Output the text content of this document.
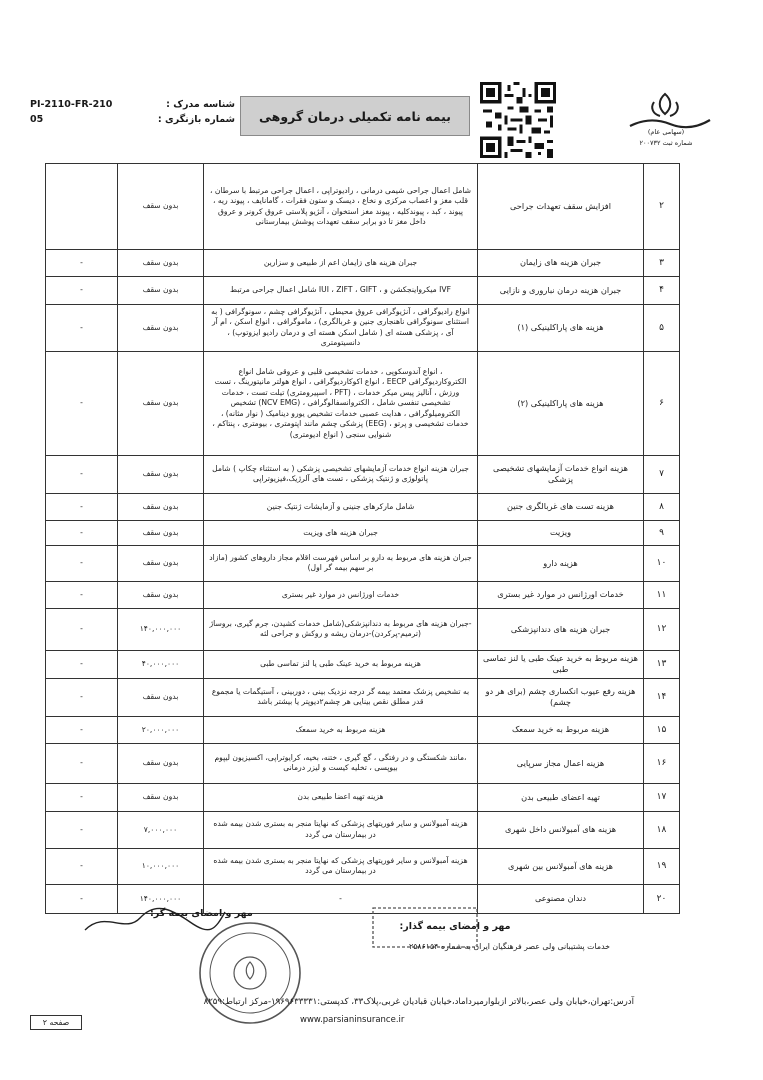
(سهامی عام)
شماره ثبت ۲۰۰۷۳۲
بیمه نامه تکمیلی درمان گروهی
PI-2110-FR-210	شناسه مدرک :
05	شماره بازنگری :
۲	افزایش سقف تعهدات جراحی	شامل اعمال جراحی شیمی درمانی ، رادیوتراپی ، اعمال جراحی مرتبط با سرطان ، قلب مغز و اعصاب مرکزی و نخاع ، دیسک و ستون فقرات ، گامانایف ، پیوند ریه ، پیوند ، کبد ، پیوندکلیه ، پیوند مغز استخوان ، آنژیو پلاستی عروق کرونر و عروق داخل مغز تا دو برابر سقف تعهدات پوشش بیمارستانی	بدون سقف	
۳	جبران هزینه های زایمان	جبران هزینه های زایمان اعم از طبیعی و سزارین	بدون سقف	-
۴	جبران هزینه درمان نباروری و نازایی	IVF میکرواینجکشن و ، IUI ، ZIFT ، GIFT شامل اعمال جراحی مرتبط	بدون سقف	-
۵	هزینه های پاراکلینیکی (۱)	انواع رادیوگرافی ، آنژیوگرافی عروق محیطی ، آنژیوگرافی چشم ، سونوگرافی ( به استثنای سونوگرافی ناهنجاری جنین و غربالگری) ، ماموگرافی ، انواع اسکن ، ام آر آی ، پزشکی هسته ای ( شامل اسکن هسته ای و درمان رادیو ایزوتوپ) ، دانسیتومتری	بدون سقف	-
۶	هزینه های پاراکلینیکی (۲)	، انواع آندوسکوپی ، خدمات تشخیصی قلبی و عروقی شامل انواع الکتروکاردیوگرافی EECP ، انواع اکوکاردیوگرافی ، انواع هولتر مانیتورینگ ، تست ورزش ، آنالیز پیس میکر خدمات ، (PFT ، اسپیرومتری) تیلت تست ، خدمات تشخیصی تنفسی شامل ، الکتروانسفالوگرافی ، (NCV EMG) تشخیص الکترومیلوگرافی ، هدایت عصبی خدمات تشخیص یورو دینامیک ( نوار مثانه) ، خدمات تشخیصی و پرتو ، (EEG) پزشکی چشم مانند اپتومتری ، بیومتری ، پنتاکم ، شنوایی سنجی ( انواع ادیومتری)	بدون سقف	-
۷	هزینه انواع خدمات آزمایشهای تشخیصی پزشکی	جبران هزینه انواع خدمات آزمایشهای تشخیصی پزشکی ( به استثناء چکاپ ) شامل پاتولوژی و ژنتیک پزشکی ، تست های آلرژیک،فیزیوتراپی	بدون سقف	-
۸	هزینه تست های غربالگری جنین	شامل مارکرهای جنینی و آزمایشات ژنتیک جنین	بدون سقف	-
۹	ویزیت	جبران هزینه های ویزیت	بدون سقف	-
۱۰	هزینه دارو	جبران هزینه های مربوط به دارو بر اساس فهرست اقلام مجاز داروهای کشور (مازاد بر سهم بیمه گر اول)	بدون سقف	-
۱۱	خدمات اورژانس در موارد غیر بستری	خدمات اورژانس در موارد غیر بستری	بدون سقف	-
۱۲	جبران هزینه های دندانپزشکی	-جبران هزینه های مربوط به دندانپزشکی(شامل خدمات کشیدن، جرم گیری، بروساژ (ترمیم-پرکردن)-درمان ریشه و روکش و جراحی لثه	۱۴۰,۰۰۰,۰۰۰	-
۱۳	هزینه مربوط به خرید عینک طبی یا لنز تماسی طبی	هزینه مربوط به خرید عینک طبی یا لنز تماسی طبی	۴۰,۰۰۰,۰۰۰	-
۱۴	هزینه رفع عیوب انکساری چشم (برای هر دو چشم)	به تشخیص پزشک معتمد بیمه گر درجه نزدیک بینی ، دوربینی ، آستیگمات یا مجموع قدر مطلق نقص بینایی هر چشم۲دیوپتر یا بیشتر باشد	بدون سقف	-
۱۵	هزینه مربوط به خرید سمعک	هزینه مربوط به خرید سمعک	۲۰,۰۰۰,۰۰۰	-
۱۶	هزینه اعمال مجاز سرپایی	،مانند شکستگی و در رفتگی ، گچ گیری ، ختنه، بخیه، کرایوتراپی، اکسیزیون لیپوم بیوپسی ، تخلیه کیست و لیزر درمانی	بدون سقف	-
۱۷	تهیه اعضای طبیعی بدن	هزینه تهیه اعضا طبیعی بدن	بدون سقف	-
۱۸	هزینه های آمبولانس داخل شهری	هزینه آمبولانس و سایر فوریتهای پزشکی که نهایتا منجر به بستری شدن بیمه شده در بیمارستان می گردد	۷,۰۰۰,۰۰۰	-
۱۹	هزینه های آمبولانس بین شهری	هزینه آمبولانس و سایر فوریتهای پزشکی که نهایتا منجر به بستری شدن بیمه شده در بیمارستان می گردد	۱۰,۰۰۰,۰۰۰	-
۲۰	دندان مصنوعی	-	۱۴۰,۰۰۰,۰۰۰	-
مهر و امضای بیمه گر:
مهر و امضای بیمه گذار:
خدمات پشتیبانی ولی عصر فرهنگیان ایران به شماره ۲۵۸۶۱۵۴
آدرس:تهران،خیابان ولی عصر،بالاتر ازبلوارمیرداماد،خیابان قبادیان غربی،پلاک۳۳، کدپستی:۱۹۶۹۶۳۳۳۳۱-مرکز ارتباط:۸۲۵۹
www.parsianinsurance.ir
صفحه ۲
